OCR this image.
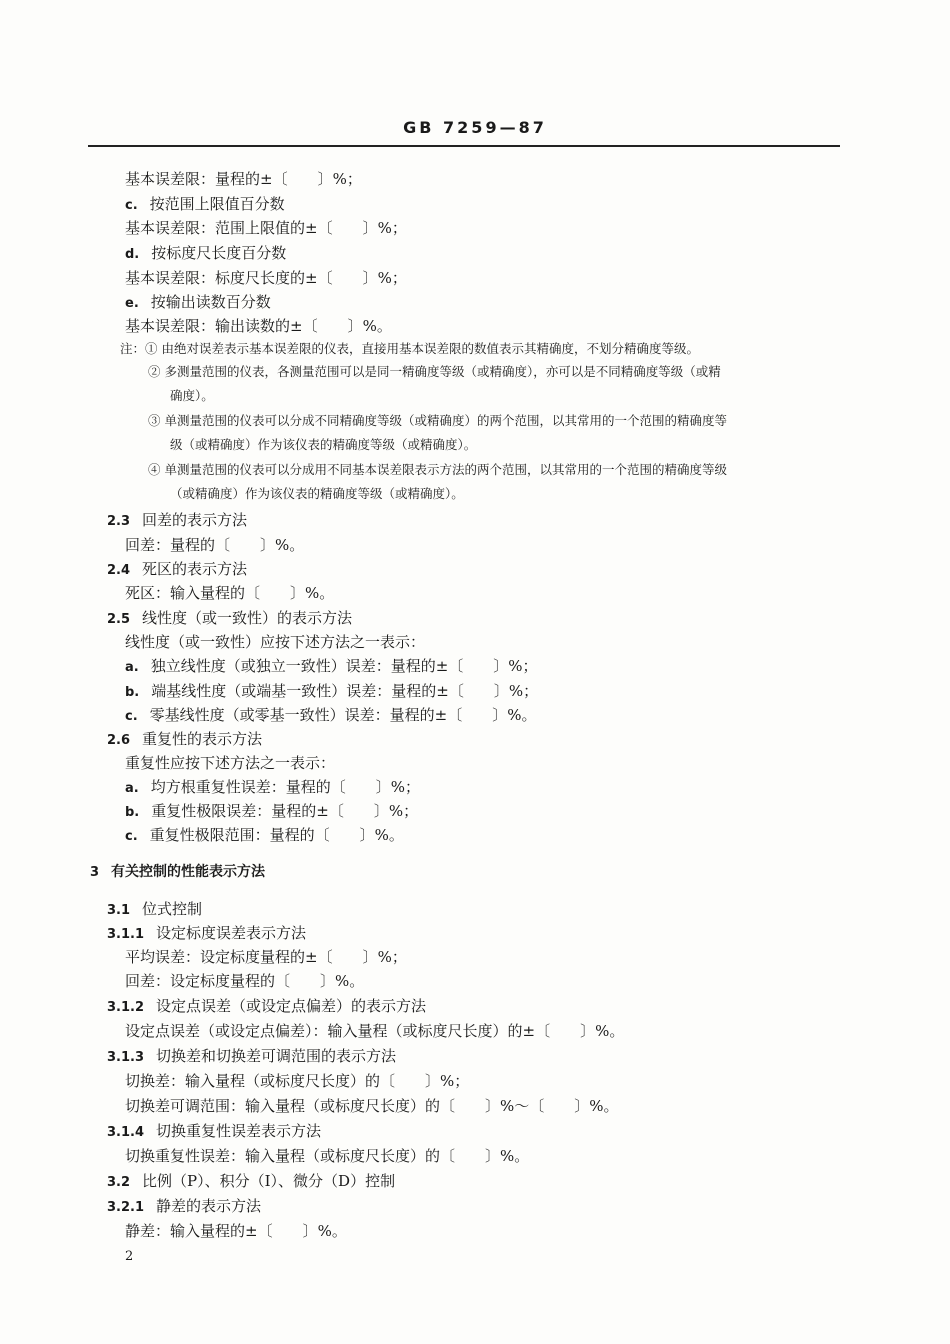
GB 7259—87
基本误差限：量程的±〔　　〕%；
c. 按范围上限值百分数
基本误差限：范围上限值的±〔　　〕%；
d. 按标度尺长度百分数
基本误差限：标度尺长度的±〔　　〕%；
e. 按输出读数百分数
基本误差限：输出读数的±〔　　〕%。
注：① 由绝对误差表示基本误差限的仪表，直接用基本误差限的数值表示其精确度，不划分精确度等级。
② 多测量范围的仪表，各测量范围可以是同一精确度等级（或精确度），亦可以是不同精确度等级（或精
确度）。
③ 单测量范围的仪表可以分成不同精确度等级（或精确度）的两个范围，以其常用的一个范围的精确度等
级（或精确度）作为该仪表的精确度等级（或精确度）。
④ 单测量范围的仪表可以分成用不同基本误差限表示方法的两个范围，以其常用的一个范围的精确度等级
（或精确度）作为该仪表的精确度等级（或精确度）。
2.3 回差的表示方法
回差：量程的〔　　〕%。
2.4 死区的表示方法
死区：输入量程的〔　　〕%。
2.5 线性度（或一致性）的表示方法
线性度（或一致性）应按下述方法之一表示：
a. 独立线性度（或独立一致性）误差：量程的±〔　　〕%；
b. 端基线性度（或端基一致性）误差：量程的±〔　　〕%；
c. 零基线性度（或零基一致性）误差：量程的±〔　　〕%。
2.6 重复性的表示方法
重复性应按下述方法之一表示：
a. 均方根重复性误差：量程的〔　　〕%；
b. 重复性极限误差：量程的±〔　　〕%；
c. 重复性极限范围：量程的〔　　〕%。
3 有关控制的性能表示方法
3.1 位式控制
3.1.1 设定标度误差表示方法
平均误差：设定标度量程的±〔　　〕%；
回差：设定标度量程的〔　　〕%。
3.1.2 设定点误差（或设定点偏差）的表示方法
设定点误差（或设定点偏差）：输入量程（或标度尺长度）的±〔　　〕%。
3.1.3 切换差和切换差可调范围的表示方法
切换差：输入量程（或标度尺长度）的〔　　〕%；
切换差可调范围：输入量程（或标度尺长度）的〔　　〕%～〔　　〕%。
3.1.4 切换重复性误差表示方法
切换重复性误差：输入量程（或标度尺长度）的〔　　〕%。
3.2 比例（P）、积分（I）、微分（D）控制
3.2.1 静差的表示方法
静差：输入量程的±〔　　〕%。
2
